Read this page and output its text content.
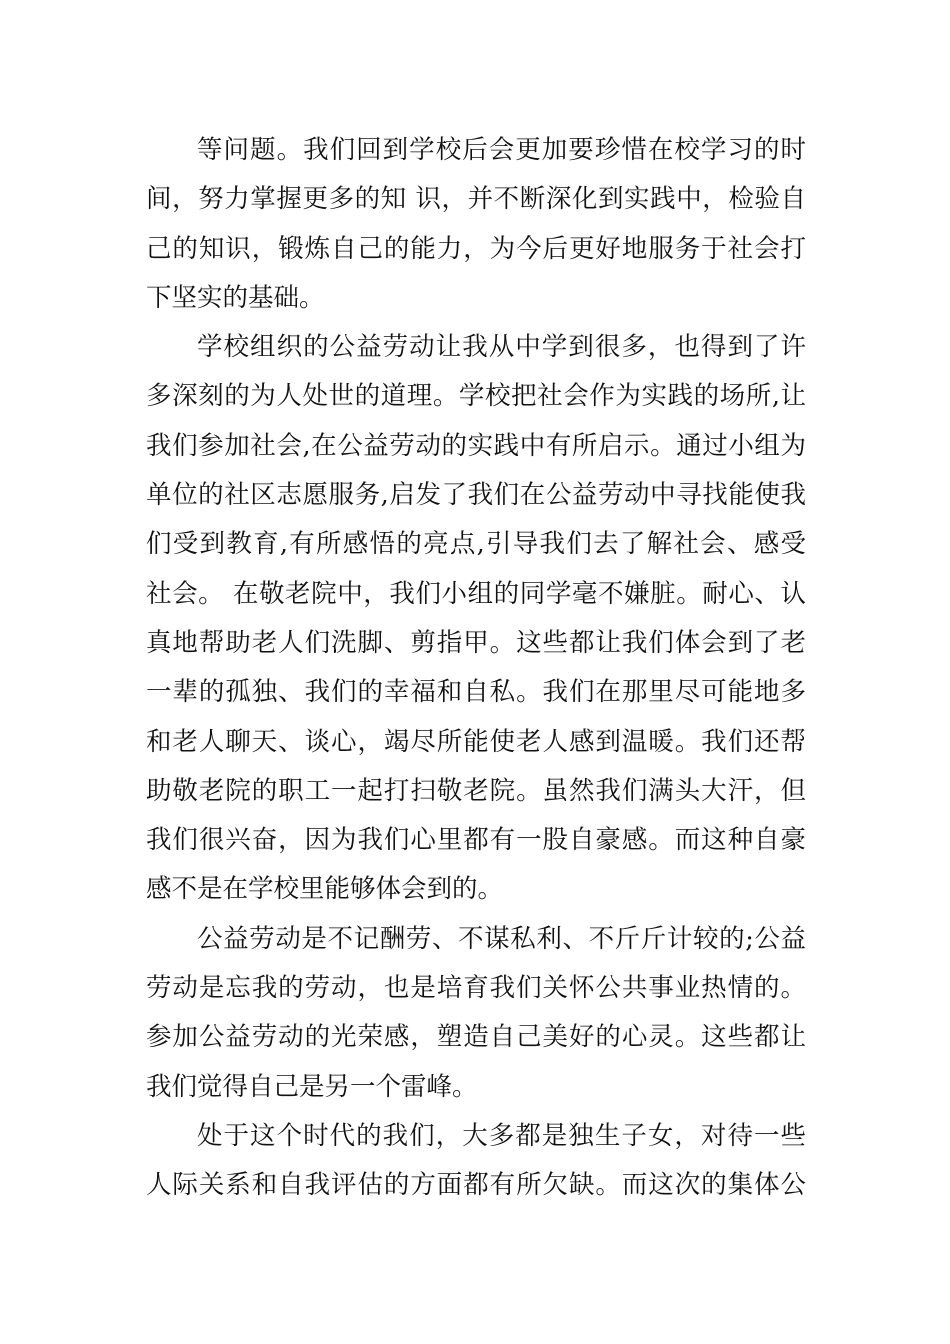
等问题。我们回到学校后会更加要珍惜在校学习的时
间，努力掌握更多的知 识，并不断深化到实践中，检验自
己的知识，锻炼自己的能力，为今后更好地服务于社会打
下坚实的基础。

学校组织的公益劳动让我从中学到很多，也得到了许
多深刻的为人处世的道理。学校把社会作为实践的场所,让
我们参加社会,在公益劳动的实践中有所启示。通过小组为
单位的社区志愿服务,启发了我们在公益劳动中寻找能使我
们受到教育,有所感悟的亮点,引导我们去了解社会、感受
社会。 在敬老院中，我们小组的同学毫不嫌脏。耐心、认
真地帮助老人们洗脚、剪指甲。这些都让我们体会到了老
一辈的孤独、我们的幸福和自私。我们在那里尽可能地多
和老人聊天、谈心，竭尽所能使老人感到温暖。我们还帮
助敬老院的职工一起打扫敬老院。虽然我们满头大汗，但
我们很兴奋，因为我们心里都有一股自豪感。而这种自豪
感不是在学校里能够体会到的。

公益劳动是不记酬劳、不谋私利、不斤斤计较的;公益
劳动是忘我的劳动，也是培育我们关怀公共事业热情的。
参加公益劳动的光荣感，塑造自己美好的心灵。这些都让
我们觉得自己是另一个雷峰。

处于这个时代的我们，大多都是独生子女，对待一些
人际关系和自我评估的方面都有所欠缺。而这次的集体公
